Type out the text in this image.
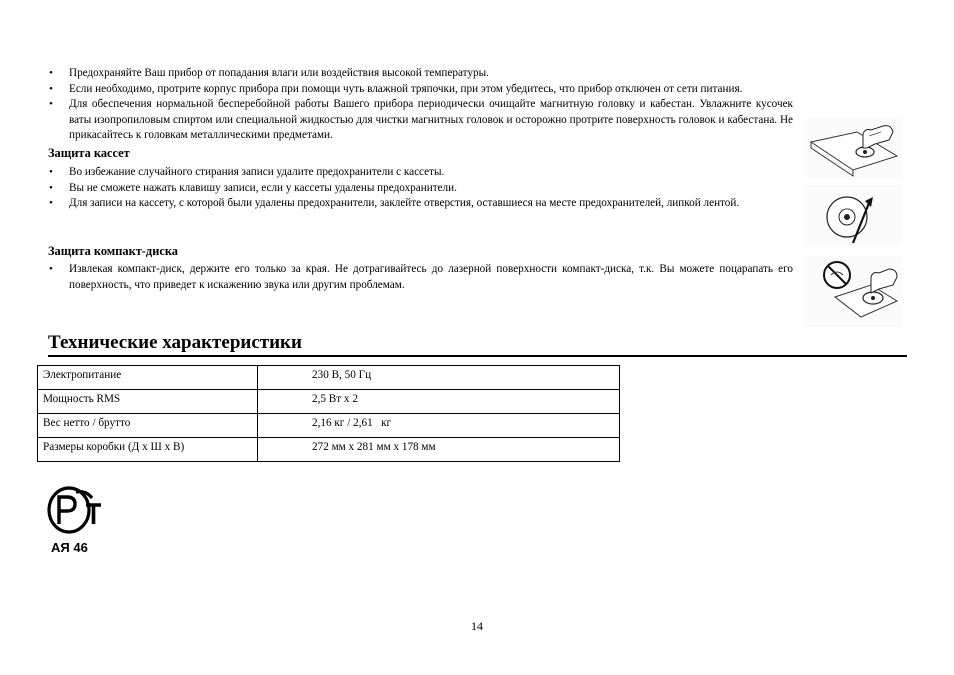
• Предохраняйте Ваш прибор от попадания влаги или воздействия высокой температуры.
• Если необходимо, протрите корпус прибора при помощи чуть влажной тряпочки, при этом убедитесь, что прибор отключен от сети питания.
• Для обеспечения нормальной бесперебойной работы Вашего прибора периодически очищайте магнитную головку и кабестан. Увлажните кусочек ваты изопропиловым спиртом или специальной жидкостью для чистки магнитных головок и осторожно протрите поверхность головок и кабестана. Не прикасайтесь к головкам металлическими предметами.
Защита кассет
• Во избежание случайного стирания записи удалите предохранители с кассеты.
• Вы не сможете нажать клавишу записи, если у кассеты удалены предохранители.
• Для записи на кассету, с которой были удалены предохранители, заклейте отверстия, оставшиеся на месте предохранителей, липкой лентой.
Защита компакт-диска
• Извлекая компакт-диск, держите его только за края. Не дотрагивайтесь до лазерной поверхности компакт-диска, т.к. Вы можете поцарапать его поверхность, что приведет к искажению звука или другим проблемам.
Технические характеристики
Электропитание	230 В, 50 Гц
Мощность RMS	2,5 Вт х 2
Вес нетто / брутто	2,16 кг / 2,61   кг
Размеры коробки (Д х Ш х В)	272 мм х 281 мм х 178 мм
АЯ 46
14
